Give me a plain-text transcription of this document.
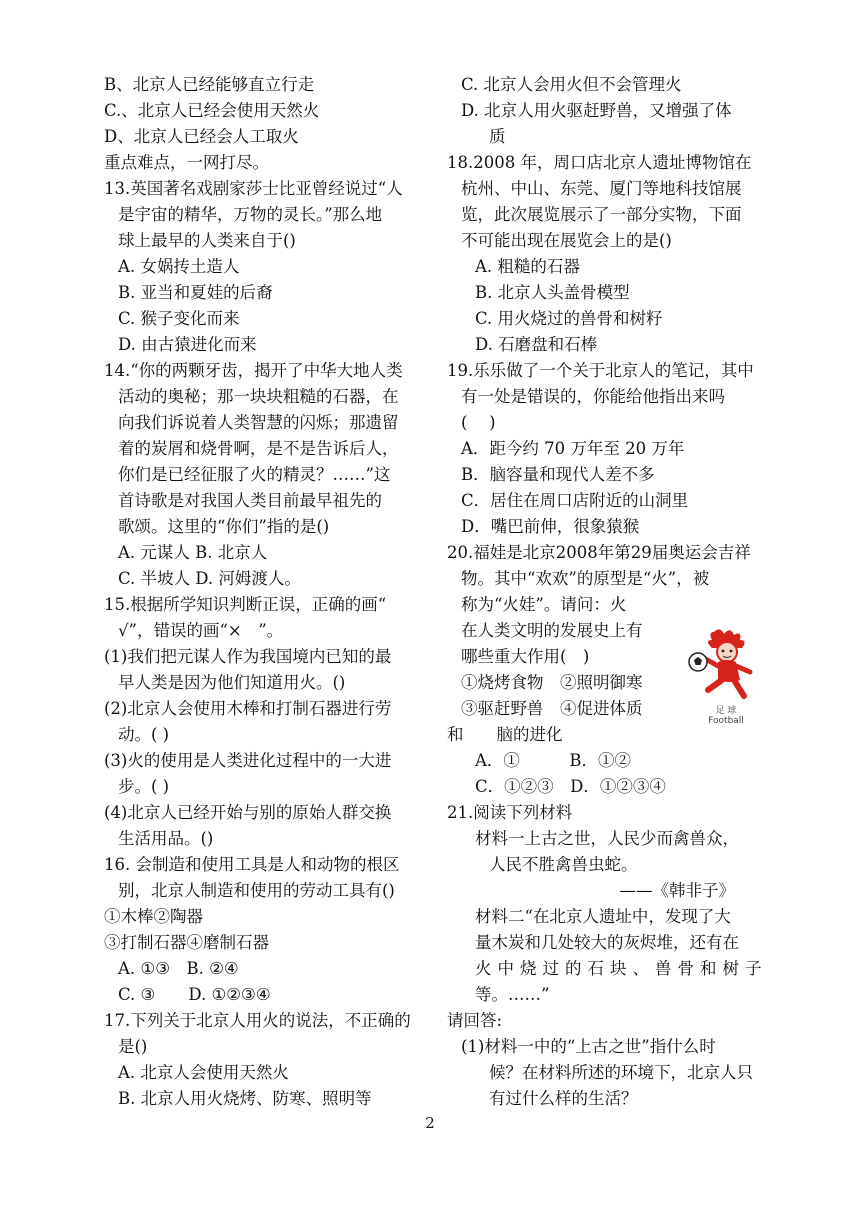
B、北京人已经能够直立行走
C.、北京人已经会使用天然火
D、北京人已经会人工取火
重点难点，一网打尽。
13.英国著名戏剧家莎士比亚曾经说过“人
是宇宙的精华，万物的灵长。”那么地
球上最早的人类来自于()
A. 女娲抟土造人
B. 亚当和夏娃的后裔
C. 猴子变化而来
D. 由古猿进化而来
14.“你的两颗牙齿，揭开了中华大地人类
活动的奥秘；那一块块粗糙的石器，在
向我们诉说着人类智慧的闪烁；那遗留
着的炭屑和烧骨啊，是不是告诉后人，
你们是已经征服了火的精灵？……”这
首诗歌是对我国人类目前最早祖先的
歌颂。这里的“你们”指的是()
A. 元谋人 B. 北京人
C. 半坡人 D. 河姆渡人。
15.根据所学知识判断正误，正确的画“
√”，错误的画“×　”。
(1)我们把元谋人作为我国境内已知的最
早人类是因为他们知道用火。()
(2)北京人会使用木棒和打制石器进行劳
动。( )
(3)火的使用是人类进化过程中的一大进
步。( )
(4)北京人已经开始与别的原始人群交换
生活用品。()
16. 会制造和使用工具是人和动物的根区
别，北京人制造和使用的劳动工具有()
①木棒②陶器
③打制石器④磨制石器
A. ①③　B. ②④
C. ③　　D. ①②③④
17.下列关于北京人用火的说法，不正确的
是()
A. 北京人会使用天然火
B. 北京人用火烧烤、防寒、照明等
C. 北京人会用火但不会管理火
D. 北京人用火驱赶野兽，又增强了体
质
18.2008 年，周口店北京人遗址博物馆在
杭州、中山、东莞、厦门等地科技馆展
览，此次展览展示了一部分实物，下面
不可能出现在展览会上的是()
A. 粗糙的石器
B. 北京人头盖骨模型
C. 用火烧过的兽骨和树籽
D. 石磨盘和石棒
19.乐乐做了一个关于北京人的笔记，其中
有一处是错误的，你能给他指出来吗
(　 )
A．距今约 70 万年至 20 万年
B．脑容量和现代人差不多
C．居住在周口店附近的山洞里
D．嘴巴前伸，很象猿猴
20.福娃是北京2008年第29届奥运会吉祥
物。其中“欢欢”的原型是“火”，被
称为“火娃”。请问：火
在人类文明的发展史上有
哪些重大作用(　)
①烧烤食物　②照明御寒
③驱赶野兽　④促进体质
和　　脑的进化
A．①　　　B．①②
C．①②③　D．①②③④
21.阅读下列材料
材料一上古之世，人民少而禽兽众，
人民不胜禽兽虫蛇。
——《韩非子》
材料二“在北京人遗址中，发现了大
量木炭和几处较大的灰烬堆，还有在
火中烧过的石块、兽骨和树子
等。……”
请回答:
(1)材料一中的“上古之世”指什么时
候？在材料所述的环境下，北京人只
有过什么样的生活？
足 球
Football
2
